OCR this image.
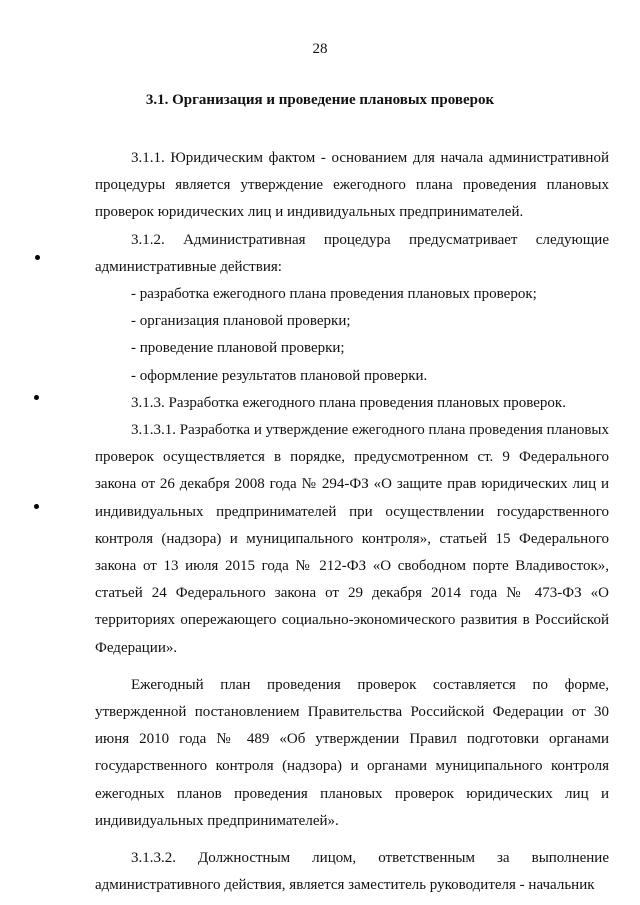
28
3.1. Организация и проведение плановых проверок

3.1.1. Юридическим фактом - основанием для начала административной процедуры является утверждение ежегодного плана проведения плановых проверок юридических лиц и индивидуальных предпринимателей.

3.1.2. Административная процедура предусматривает следующие административные действия:

- разработка ежегодного плана проведения плановых проверок;

- организация плановой проверки;

- проведение плановой проверки;

- оформление результатов плановой проверки.

3.1.3. Разработка ежегодного плана проведения плановых проверок.

3.1.3.1. Разработка и утверждение ежегодного плана проведения плановых проверок осуществляется в порядке, предусмотренном ст. 9 Федерального закона от 26 декабря 2008 года № 294-ФЗ «О защите прав юридических лиц и индивидуальных предпринимателей при осуществлении государственного контроля (надзора) и муниципального контроля», статьей 15 Федерального закона от 13 июля 2015 года № 212-ФЗ «О свободном порте Владивосток», статьей 24 Федерального закона от 29 декабря 2014 года № 473-ФЗ «О территориях опережающего социально-экономического развития в Российской Федерации».

Ежегодный план проведения проверок составляется по форме, утвержденной постановлением Правительства Российской Федерации от 30 июня 2010 года № 489 «Об утверждении Правил подготовки органами государственного контроля (надзора) и органами муниципального контроля ежегодных планов проведения плановых проверок юридических лиц и индивидуальных предпринимателей».

3.1.3.2. Должностным лицом, ответственным за выполнение административного действия, является заместитель руководителя - начальник
